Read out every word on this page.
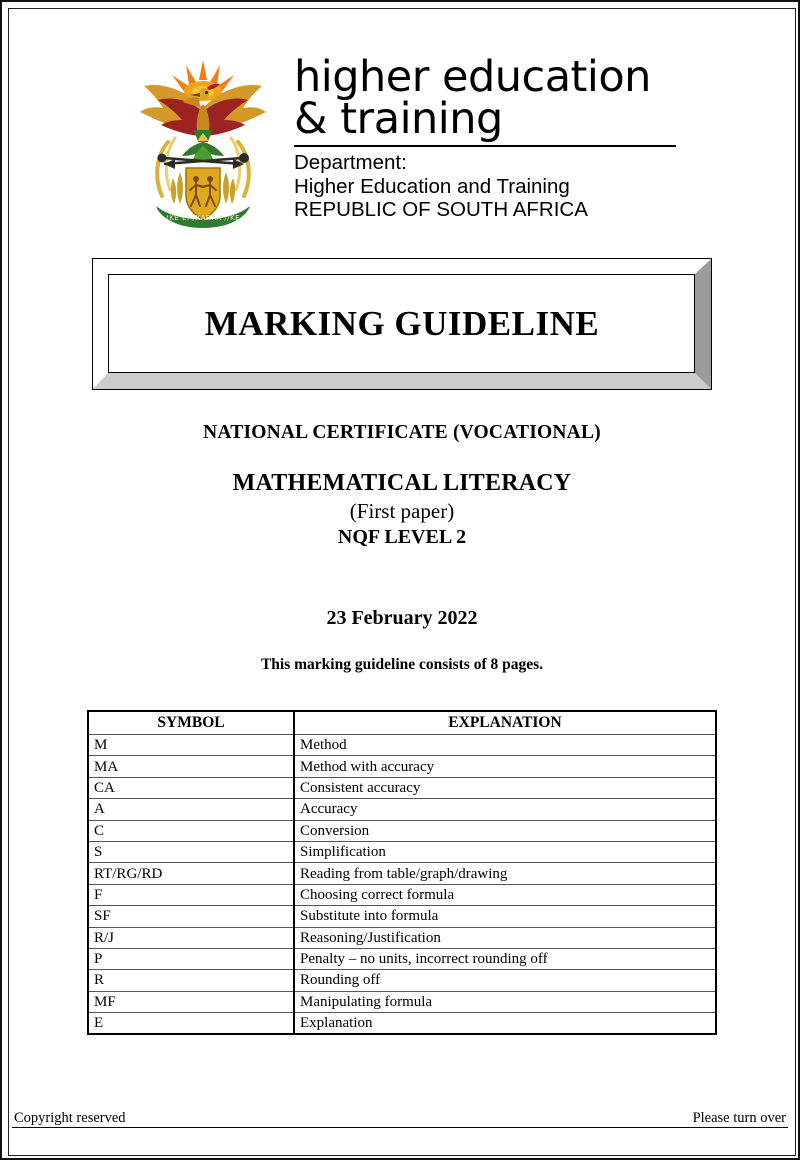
!KE E: /XARRA //KE
higher education
& training
Department:
Higher Education and Training
REPUBLIC OF SOUTH AFRICA
MARKING GUIDELINE
NATIONAL CERTIFICATE (VOCATIONAL)
MATHEMATICAL LITERACY
(First paper)
NQF LEVEL 2
23 February 2022
This marking guideline consists of 8 pages.
SYMBOL	EXPLANATION
M	Method
MA	Method with accuracy
CA	Consistent accuracy
A	Accuracy
C	Conversion
S	Simplification
RT/RG/RD	Reading from table/graph/drawing
F	Choosing correct formula
SF	Substitute into formula
R/J	Reasoning/Justification
P	Penalty – no units, incorrect rounding off
R	Rounding off
MF	Manipulating formula
E	Explanation
Copyright reserved	Please turn over
